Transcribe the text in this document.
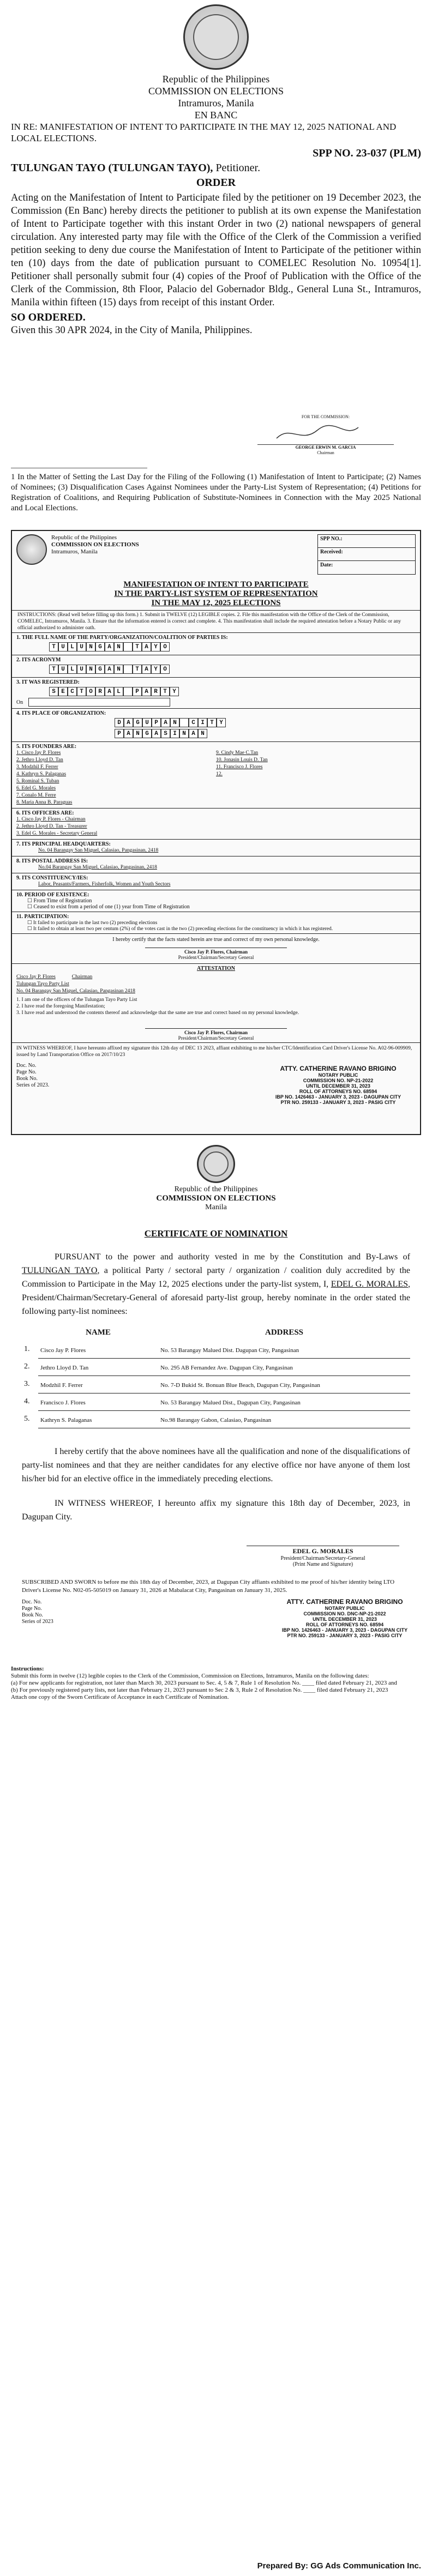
Republic of the Philippines
COMMISSION ON ELECTIONS
Intramuros, Manila
EN BANC
IN RE: MANIFESTATION OF INTENT TO PARTICIPATE IN THE MAY 12, 2025 NATIONAL AND LOCAL ELECTIONS.
SPP NO. 23-037 (PLM)
TULUNGAN TAYO (TULUNGAN TAYO), Petitioner.
ORDER
Acting on the Manifestation of Intent to Participate filed by the petitioner on 19 December 2023, the Commission (En Banc) hereby directs the petitioner to publish at its own expense the Manifestation of Intent to Participate together with this instant Order in two (2) national newspapers of general circulation. Any interested party may file with the Office of the Clerk of the Commission a verified petition seeking to deny due course the Manifestation of Intent to Participate of the petitioner within ten (10) days from the date of publication pursuant to COMELEC Resolution No. 10954[1]. Petitioner shall personally submit four (4) copies of the Proof of Publication with the Office of the Clerk of the Commission, 8th Floor, Palacio del Gobernador Bldg., General Luna St., Intramuros, Manila within fifteen (15) days from receipt of this instant Order.
SO ORDERED.
Given this 30 APR 2024, in the City of Manila, Philippines.
FOR THE COMMISSION:
GEORGE ERWIN M. GARCIA
Chairman
1 In the Matter of Setting the Last Day for the Filing of the Following (1) Manifestation of Intent to Participate; (2) Names of Nominees; (3) Disqualification Cases Against Nominees under the Party-List System of Representation; (4) Petitions for Registration of Coalitions, and Requiring Publication of Substitute-Nominees in Connection with the May 2025 National and Local Elections.
Republic of the Philippines
COMMISSION ON ELECTIONS
Intramuros, Manila
SPP NO.:
Received:
Date:
MANIFESTATION OF INTENT TO PARTICIPATE
IN THE PARTY-LIST SYSTEM OF REPRESENTATION
IN THE MAY 12, 2025 ELECTIONS
INSTRUCTIONS: (Read well before filling up this form.) 1. Submit in TWELVE (12) LEGIBLE copies. 2. File this manifestation with the Office of the Clerk of the Commission, COMELEC, Intramuros, Manila. 3. Ensure that the information entered is correct and complete. 4. This manifestation shall include the required attestation before a Notary Public or any official authorized to administer oath.
1. THE FULL NAME OF THE PARTY/ORGANIZATION/COALITION OF PARTIES IS:
T U L U N G A N	T A Y O
2. ITS ACRONYM
T U L U N G A N	T A Y O
3. IT WAS REGISTERED:
S E C T O R A L	P A R T Y
On
4. ITS PLACE OF ORGANIZATION:
D A G U P A N	C I T Y
P A N G A S I N A N
5. ITS FOUNDERS ARE:
1. Cisco Jay P. Flores
2. Jethro Lloyd D. Tan
3. Modzhil F. Ferrer
4. Kathryn S. Palaganas
5. Rominal S. Tuban
6. Edel G. Morales
7. Conalo M. Ferre
8. Maria Anna B. Paraguas
9. Cindy Mae C.Tan
10. Jonasin Louis D. Tan
11. Francisco J. Flores
12.
6. ITS OFFICERS ARE:
1. Cisco Jay P. Flores - Chairman
2. Jethro Lloyd D. Tan - Treasurer
3. Edel G. Morales - Secretary General
7. ITS PRINCIPAL HEADQUARTERS:
No. 04 Barangay San Miguel, Calasiao, Pangasinan, 2418
8. ITS POSTAL ADDRESS IS:
No.04 Barangay San Miguel, Calasiao, Pangasinan, 2418
9. ITS CONSTITUENCY/IES:
Labor, Peasants/Farmers, Fisherfolk, Women and Youth Sectors
10. PERIOD OF EXISTENCE:
☐ From Time of Registration
☐ Ceased to exist from a period of one (1) year from Time of Registration
11. PARTICIPATION:
☐ It failed to participate in the last two (2) preceding elections
☐ It failed to obtain at least two per centum (2%) of the votes cast in the two (2) preceding elections for the constituency in which it has registered.
I hereby certify that the facts stated herein are true and correct of my own personal knowledge.
Cisco Jay P. Flores, Chairman
President/Chairman/Secretary General
ATTESTATION
Cisco Jay P. Flores	Chairman
Tulungan Tayo Party List
No. 04 Barangay San Miguel, Calasiao, Pangasinan 2418
1. I am one of the officers of the Tulungan Tayo Party List
2. I have read the foregoing Manifestation;
3. I have read and understood the contents thereof and acknowledge that the same are true and correct based on my personal knowledge.
Cisco Jay P. Flores, Chairman
President/Chairman/Secretary General
IN WITNESS WHEREOF, I have hereunto affixed my signature this 12th day of DEC 13 2023, affiant exhibiting to me his/her CTC/Identification Card Driver's License No. A02-96-009909, issued by Land Transportation Office on 2017/10/23
Doc. No.
Page No.
Book No.
Series of 2023.
ATTY. CATHERINE RAVANO BRIGINO
NOTARY PUBLIC
COMMISSION NO. NP-21-2022
UNTIL DECEMBER 31, 2023
ROLL OF ATTORNEYS NO. 68594
IBP NO. 1426463 - JANUARY 3, 2023 - DAGUPAN CITY
PTR NO. 259133 - JANUARY 3, 2023 - PASIG CITY
Republic of the Philippines
COMMISSION ON ELECTIONS
Manila
CERTIFICATE OF NOMINATION
PURSUANT to the power and authority vested in me by the Constitution and By-Laws of TULUNGAN TAYO, a political Party / sectoral party / organization / coalition duly accredited by the Commission to Participate in the May 12, 2025 elections under the party-list system, I, EDEL G. MORALES, President/Chairman/Secretary-General of aforesaid party-list group, hereby nominate in the order stated the following party-list nominees:
	NAME	ADDRESS
1.	Cisco Jay P. Flores	No. 53 Barangay Malued Dist. Dagupan City, Pangasinan
2.	Jethro Lloyd D. Tan	No. 295 AB Fernandez Ave. Dagupan City, Pangasinan
3.	Modzhil F. Ferrer	No. 7-D Bukid St. Bonuan Blue Beach, Dagupan City, Pangasinan
4.	Francisco J. Flores	No. 53 Barangay Malued Dist., Dagupan City, Pangasinan
5.	Kathryn S. Palaganas	No.98 Barangay Gabon, Calasiao, Pangasinan
I hereby certify that the above nominees have all the qualification and none of the disqualifications of party-list nominees and that they are neither candidates for any elective office nor have anyone of them lost his/her bid for an elective office in the immediately preceding elections.
IN WITNESS WHEREOF, I hereunto affix my signature this 18th day of December, 2023, in Dagupan City.
EDEL G. MORALES
President/Chairman/Secretary-General
(Print Name and Signature)
SUBSCRIBED AND SWORN to before me this 18th day of December, 2023, at Dagupan City affiants exhibited to me proof of his/her identity being LTO Driver's License No. N02-05-505019 on January 31, 2026 at Mabalacat City, Pangasinan on January 31, 2025.
Doc. No.
Page No.
Book No.
Series of 2023
ATTY. CATHERINE RAVANO BRIGINO
NOTARY PUBLIC
COMMISSION NO. DNC-NP-21-2022
UNTIL DECEMBER 31, 2023
ROLL OF ATTORNEYS NO. 68594
IBP NO. 1426463 - JANUARY 3, 2023 - DAGUPAN CITY
PTR NO. 259133 - JANUARY 3, 2023 - PASIG CITY
Instructions:
Submit this form in twelve (12) legible copies to the Clerk of the Commission, Commission on Elections, Intramuros, Manila on the following dates:
(a) For new applicants for registration, not later than March 30, 2023 pursuant to Sec. 4, 5 & 7, Rule 1 of Resolution No. ____ filed dated February 21, 2023 and
(b) For previously registered party lists, not later than February 21, 2023 pursuant to Sec 2 & 3, Rule 2 of Resolution No. ____ filed dated February 21, 2023
Attach one copy of the Sworn Certificate of Acceptance in each Certificate of Nomination.
Prepared By: GG Ads Communication Inc.
